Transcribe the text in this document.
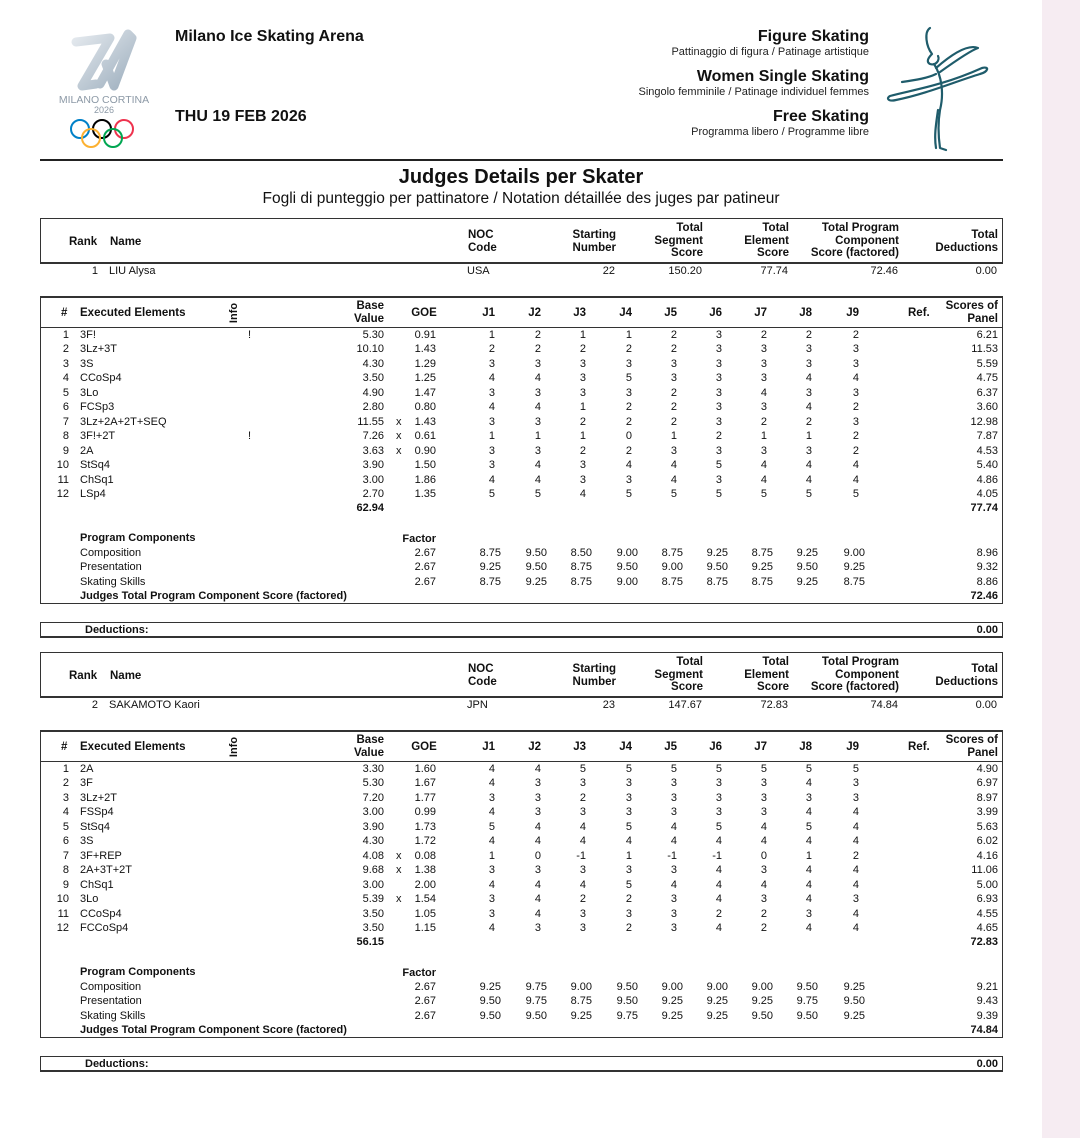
MILANO CORTINA
2026
Milano Ice Skating Arena
THU 19 FEB 2026
Figure Skating
Pattinaggio di figura / Patinage artistique
Women Single Skating
Singolo femminile / Patinage individuel femmes
Free Skating
Programma libero / Programme libre
Judges Details per Skater
Fogli di punteggio per pattinatore / Notation détaillée des juges par patineur
Rank Name
NOC
Code
Starting
Number
Total
Segment
Score
Total
Element
Score
Total Program
Component
Score (factored)
Total
Deductions
1 LIU Alysa	USA	22	150.20	77.74	72.46	0.00
# Executed Elements	Info	Base
Value	GOE	J1	J2	J3	J4	J5	J6	J7	J8	J9	Ref.
Scores of
Panel
1 3F!	!	5.30	0.91	1	2	1	1	2	3	2	2	2	6.21
2 3Lz+3T	10.10	1.43	2	2	2	2	2	3	3	3	3	11.53
3 3S	4.30	1.29	3	3	3	3	3	3	3	3	3	5.59
4 CCoSp4	3.50	1.25	4	4	3	5	3	3	3	4	4	4.75
5 3Lo	4.90	1.47	3	3	3	3	2	3	4	3	3	6.37
6 FCSp3	2.80	0.80	4	4	1	2	2	3	3	4	2	3.60
7 3Lz+2A+2T+SEQ	11.55 x	1.43	3	3	2	2	2	3	2	2	3	12.98
8 3F!+2T	!	7.26 x	0.61	1	1	1	0	1	2	1	1	2	7.87
9 2A	3.63 x	0.90	3	3	2	2	3	3	3	3	2	4.53
10 StSq4	3.90	1.50	3	4	3	4	4	5	4	4	4	5.40
11 ChSq1	3.00	1.86	4	4	3	3	4	3	4	4	4	4.86
12 LSp4	2.70	1.35	5	5	4	5	5	5	5	5	5	4.05
62.94	77.74
Program Components	Factor
Composition	2.67	8.75	9.50	8.50	9.00	8.75	9.25	8.75	9.25	9.00	8.96
Presentation	2.67	9.25	9.50	8.75	9.50	9.00	9.50	9.25	9.50	9.25	9.32
Skating Skills	2.67	8.75	9.25	8.75	9.00	8.75	8.75	8.75	9.25	8.75	8.86
Judges Total Program Component Score (factored)	72.46
Deductions:	0.00
Rank Name
NOC
Code
Starting
Number
Total
Segment
Score
Total
Element
Score
Total Program
Component
Score (factored)
Total
Deductions
2 SAKAMOTO Kaori	JPN	23	147.67	72.83	74.84	0.00
# Executed Elements	Info	Base
Value	GOE	J1	J2	J3	J4	J5	J6	J7	J8	J9	Ref.
Scores of
Panel
1 2A	3.30	1.60	4	4	5	5	5	5	5	5	5	4.90
2 3F	5.30	1.67	4	3	3	3	3	3	3	4	3	6.97
3 3Lz+2T	7.20	1.77	3	3	2	3	3	3	3	3	3	8.97
4 FSSp4	3.00	0.99	4	3	3	3	3	3	3	4	4	3.99
5 StSq4	3.90	1.73	5	4	4	5	4	5	4	5	4	5.63
6 3S	4.30	1.72	4	4	4	4	4	4	4	4	4	6.02
7 3F+REP	4.08 x	0.08	1	0	-1	1	-1	-1	0	1	2	4.16
8 2A+3T+2T	9.68 x	1.38	3	3	3	3	3	4	3	4	4	11.06
9 ChSq1	3.00	2.00	4	4	4	5	4	4	4	4	4	5.00
10 3Lo	5.39 x	1.54	3	4	2	2	3	4	3	4	3	6.93
11 CCoSp4	3.50	1.05	3	4	3	3	3	2	2	3	4	4.55
12 FCCoSp4	3.50	1.15	4	3	3	2	3	4	2	4	4	4.65
56.15	72.83
Program Components	Factor
Composition	2.67	9.25	9.75	9.00	9.50	9.00	9.00	9.00	9.50	9.25	9.21
Presentation	2.67	9.50	9.75	8.75	9.50	9.25	9.25	9.25	9.75	9.50	9.43
Skating Skills	2.67	9.50	9.50	9.25	9.75	9.25	9.25	9.50	9.50	9.25	9.39
Judges Total Program Component Score (factored)	74.84
Deductions:	0.00
